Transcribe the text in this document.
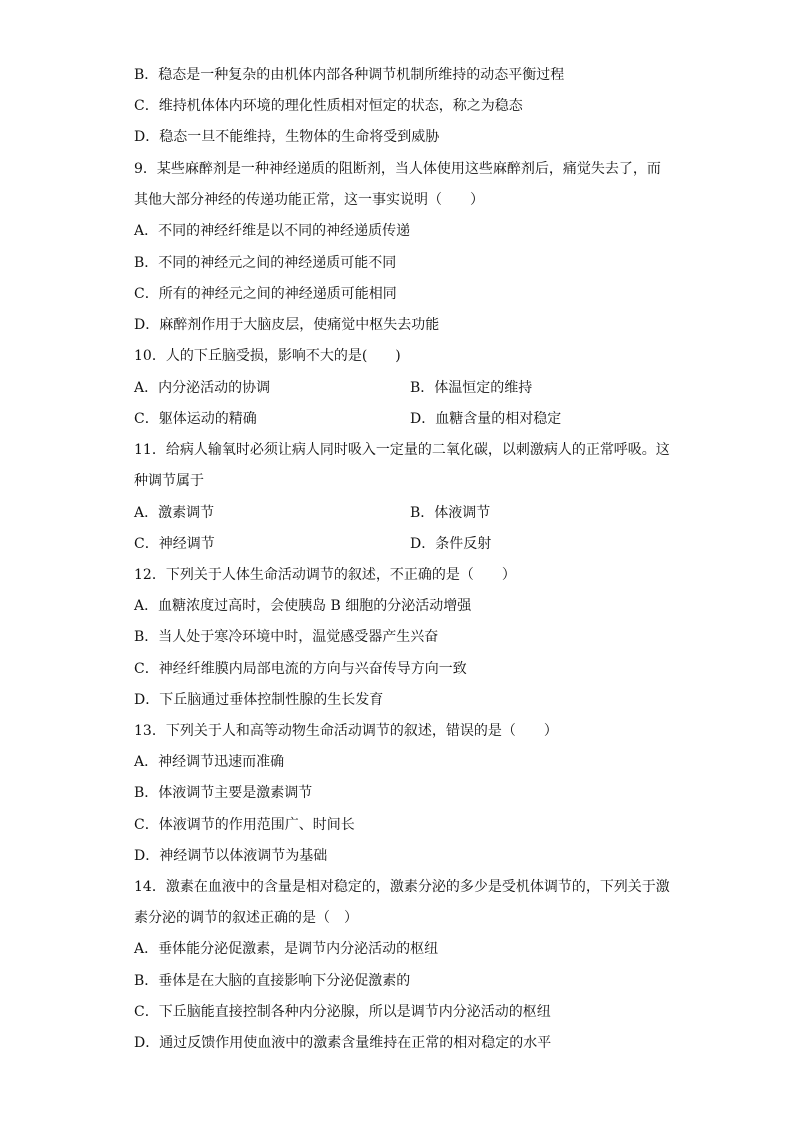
B．稳态是一种复杂的由机体内部各种调节机制所维持的动态平衡过程
C．维持机体体内环境的理化性质相对恒定的状态，称之为稳态
D．稳态一旦不能维持，生物体的生命将受到威胁
9．某些麻醉剂是一种神经递质的阻断剂，当人体使用这些麻醉剂后，痛觉失去了，而
其他大部分神经的传递功能正常，这一事实说明（　　）
A．不同的神经纤维是以不同的神经递质传递
B．不同的神经元之间的神经递质可能不同
C．所有的神经元之间的神经递质可能相同
D．麻醉剂作用于大脑皮层，使痛觉中枢失去功能
10．人的下丘脑受损，影响不大的是(　　)
A．内分泌活动的协调	B．体温恒定的维持
C．躯体运动的精确	D．血糖含量的相对稳定
11．给病人输氧时必须让病人同时吸入一定量的二氧化碳，以刺激病人的正常呼吸。这
种调节属于
A．激素调节	B．体液调节
C．神经调节	D．条件反射
12．下列关于人体生命活动调节的叙述，不正确的是（　　）
A．血糖浓度过高时，会使胰岛 B 细胞的分泌活动增强
B．当人处于寒冷环境中时，温觉感受器产生兴奋
C．神经纤维膜内局部电流的方向与兴奋传导方向一致
D．下丘脑通过垂体控制性腺的生长发育
13．下列关于人和高等动物生命活动调节的叙述，错误的是（　　）
A．神经调节迅速而准确
B．体液调节主要是激素调节
C．体液调节的作用范围广、时间长
D．神经调节以体液调节为基础
14．激素在血液中的含量是相对稳定的，激素分泌的多少是受机体调节的，下列关于激
素分泌的调节的叙述正确的是（　）
A．垂体能分泌促激素，是调节内分泌活动的枢纽
B．垂体是在大脑的直接影响下分泌促激素的
C．下丘脑能直接控制各种内分泌腺，所以是调节内分泌活动的枢纽
D．通过反馈作用使血液中的激素含量维持在正常的相对稳定的水平
